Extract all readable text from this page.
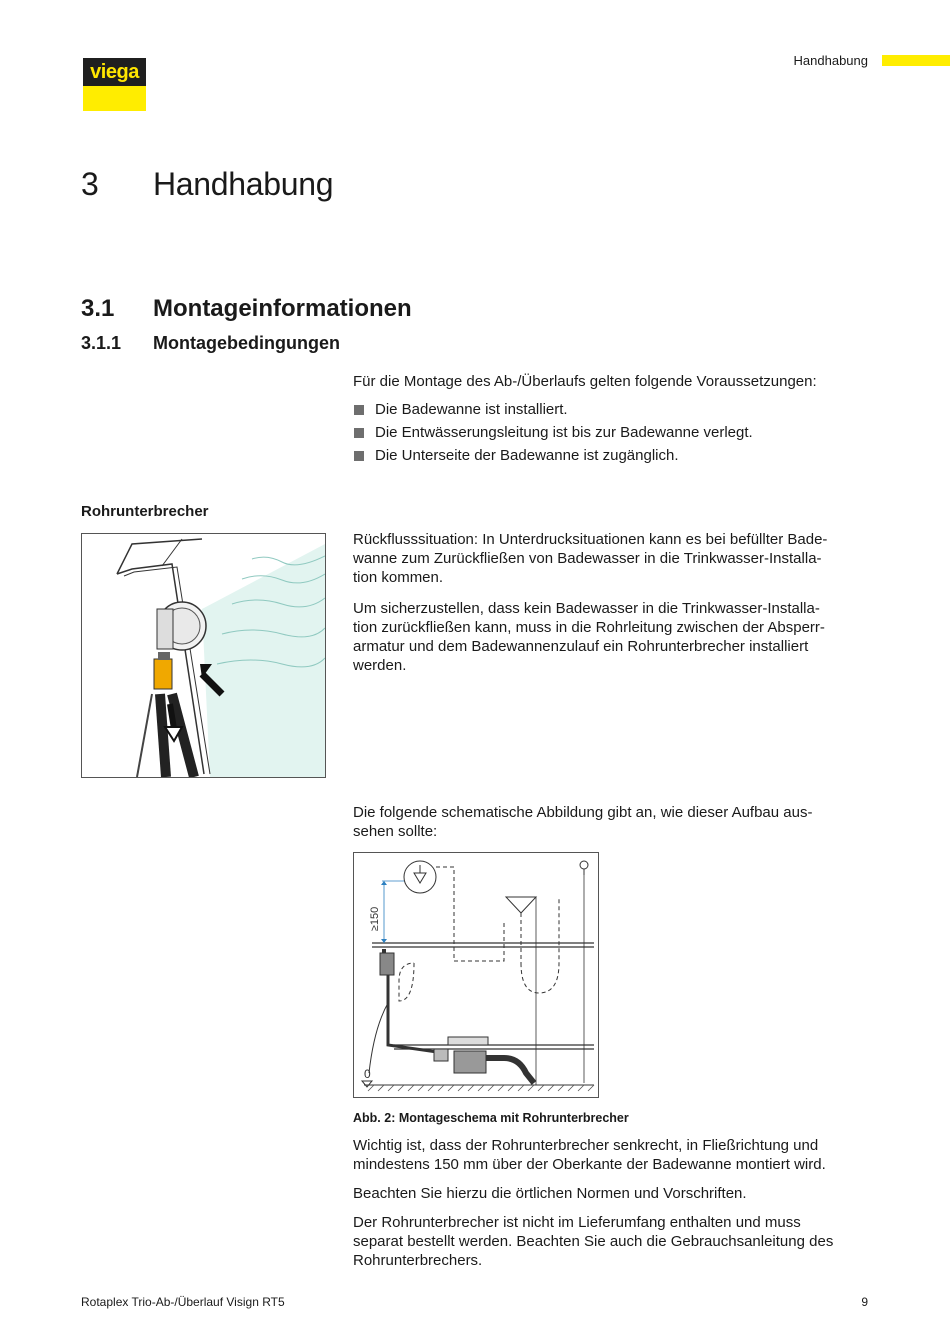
viega	Handhabung
3 Handhabung
3.1 Montageinformationen
3.1.1 Montagebedingungen
Für die Montage des Ab-/Überlaufs gelten folgende Voraussetzungen:
Die Badewanne ist installiert.
Die Entwässerungsleitung ist bis zur Badewanne verlegt.
Die Unterseite der Badewanne ist zugänglich.
Rohrunterbrecher
Rückflusssituation: In Unterdrucksituationen kann es bei befüllter Bade-
wanne zum Zurückfließen von Badewasser in die Trinkwasser-Installa-
tion kommen.
Um sicherzustellen, dass kein Badewasser in die Trinkwasser-Installa-
tion zurückfließen kann, muss in die Rohrleitung zwischen der Absperr-
armatur und dem Badewannenzulauf ein Rohrunterbrecher installiert
werden.
Die folgende schematische Abbildung gibt an, wie dieser Aufbau aus-
sehen sollte:
≥150
0
Abb. 2: Montageschema mit Rohrunterbrecher
Wichtig ist, dass der Rohrunterbrecher senkrecht, in Fließrichtung und
mindestens 150 mm über der Oberkante der Badewanne montiert wird.
Beachten Sie hierzu die örtlichen Normen und Vorschriften.
Der Rohrunterbrecher ist nicht im Lieferumfang enthalten und muss
separat bestellt werden. Beachten Sie auch die Gebrauchsanleitung des
Rohrunterbrechers.
Rotaplex Trio-Ab-/Überlauf Visign RT5	9
